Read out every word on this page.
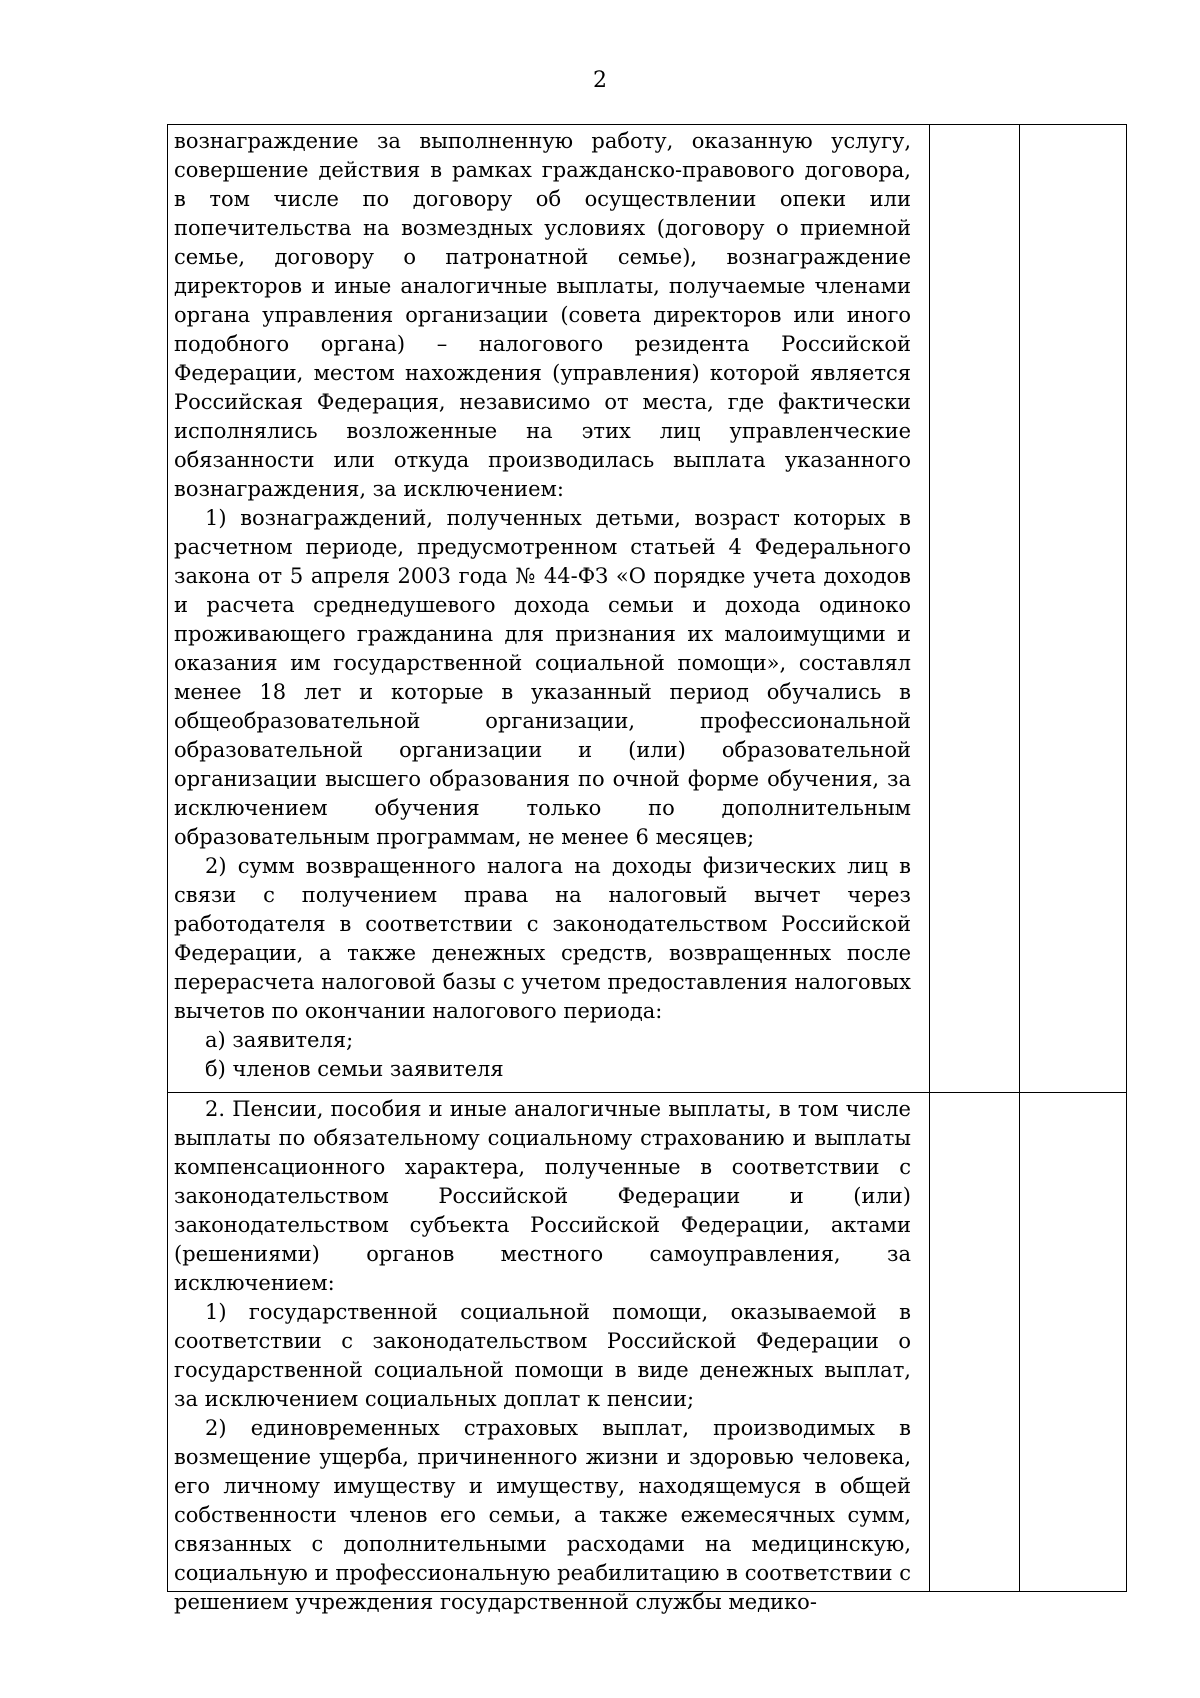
2

вознаграждение за выполненную работу, оказанную услугу, совершение действия в рамках гражданско-правового договора, в том числе по договору об осуществлении опеки или попечительства на возмездных условиях (договору о приемной семье, договору о патронатной семье), вознаграждение директоров и иные аналогичные выплаты, получаемые членами органа управления организации (совета директоров или иного подобного органа) – налогового резидента Российской Федерации, местом нахождения (управления) которой является Российская Федерация, независимо от места, где фактически исполнялись возложенные на этих лиц управленческие обязанности или откуда производилась выплата указанного вознаграждения, за исключением:

1) вознаграждений, полученных детьми, возраст которых в расчетном периоде, предусмотренном статьей 4 Федерального закона от 5 апреля 2003 года № 44-ФЗ «О порядке учета доходов и расчета среднедушевого дохода семьи и дохода одиноко проживающего гражданина для признания их малоимущими и оказания им государственной социальной помощи», составлял менее 18 лет и которые в указанный период обучались в общеобразовательной организации, профессиональной образовательной организации и (или) образовательной организации высшего образования по очной форме обучения, за исключением обучения только по дополнительным образовательным программам, не менее 6 месяцев;

2) сумм возвращенного налога на доходы физических лиц в связи с получением права на налоговый вычет через работодателя в соответствии с законодательством Российской Федерации, а также денежных средств, возвращенных после перерасчета налоговой базы с учетом предоставления налоговых вычетов по окончании налогового периода:

а) заявителя;

б) членов семьи заявителя		

2. Пенсии, пособия и иные аналогичные выплаты, в том числе выплаты по обязательному социальному страхованию и выплаты компенсационного характера, полученные в соответствии с законодательством Российской Федерации и (или) законодательством субъекта Российской Федерации, актами (решениями) органов местного самоуправления, за исключением:

1) государственной социальной помощи, оказываемой в соответствии с законодательством Российской Федерации о государственной социальной помощи в виде денежных выплат, за исключением социальных доплат к пенсии;

2) единовременных страховых выплат, производимых в возмещение ущерба, причиненного жизни и здоровью человека, его личному имуществу и имуществу, находящемуся в общей собственности членов его семьи, а также ежемесячных сумм, связанных с дополнительными расходами на медицинскую, социальную и профессиональную реабилитацию в соответствии с решением учреждения государственной службы медико-		
